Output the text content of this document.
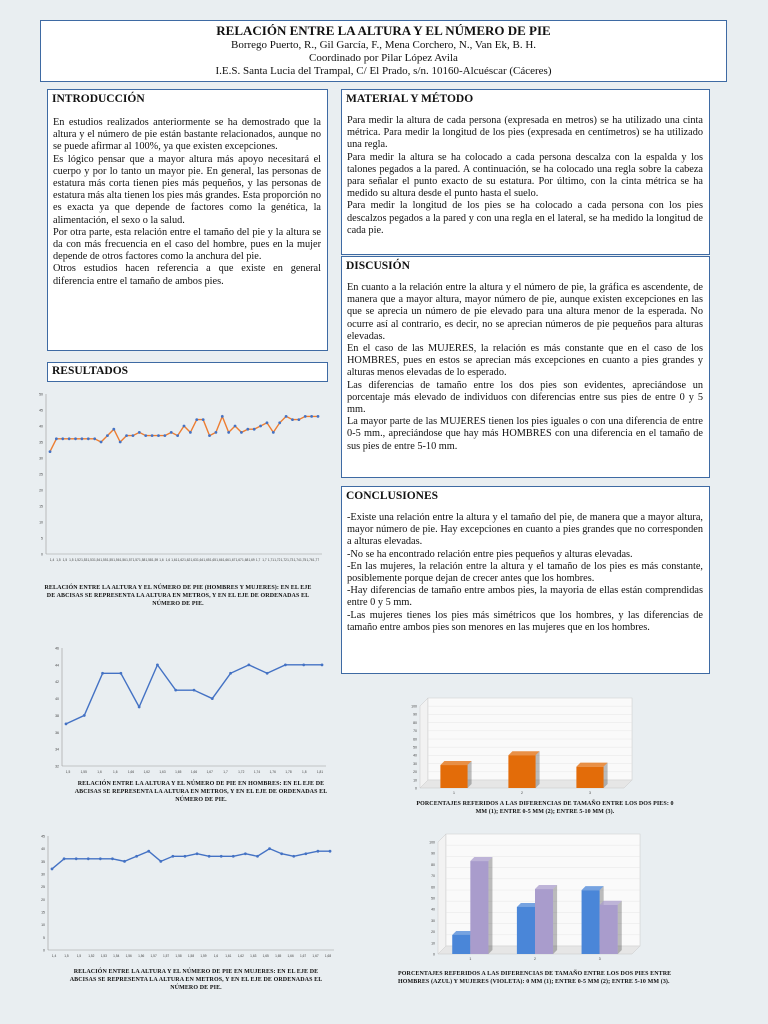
RELACIÓN ENTRE LA ALTURA Y EL NÚMERO DE PIE
Borrego Puerto, R., Gil García, F., Mena Corchero, N., Van Ek, B. H.
Coordinado por Pilar López Avila
I.E.S. Santa Lucia del Trampal, C/ El Prado, s/n. 10160-Alcuéscar (Cáceres)
INTRODUCCIÓN

En estudios realizados anteriormente se ha demostrado que la altura y el número de pie están bastante relacionados, aunque no se puede afirmar al 100%, ya que existen excepciones.

Es lógico pensar que a mayor altura más apoyo necesitará el cuerpo y por lo tanto un mayor pie. En general, las personas de estatura más corta tienen pies más pequeños, y las personas de estatura más alta tienen los pies más grandes. Esta proporción no es exacta ya que depende de factores como la genética, la alimentación, el sexo o la salud.

Por otra parte, esta relación entre el tamaño del pie y la altura se da con más frecuencia en el caso del hombre, pues en la mujer depende de otros factores como la anchura del pie.

Otros estudios hacen referencia a que existe en general diferencia entre el tamaño de ambos pies.

MATERIAL Y MÉTODO

Para medir la altura de cada persona (expresada en metros) se ha utilizado una cinta métrica. Para medir la longitud de los pies (expresada en centímetros) se ha utilizado una regla.

Para medir la altura se ha colocado a cada persona descalza con la espalda y los talones pegados a la pared. A continuación, se ha colocado una regla sobre la cabeza para señalar el punto exacto de su estatura. Por último, con la cinta métrica se ha medido su altura desde el punto hasta el suelo.

Para medir la longitud de los pies se ha colocado a cada persona con los pies descalzos pegados a la pared y con una regla en el lateral, se ha medido la longitud de cada pie.

DISCUSIÓN

En cuanto a la relación entre la altura y el número de pie, la gráfica es ascendente, de manera que a mayor altura, mayor número de pie, aunque existen excepciones en las que se aprecia un número de pie elevado para una altura menor de la esperada. No ocurre así al contrario, es decir, no se aprecian números de pie pequeños para alturas elevadas.

En el caso de las MUJERES, la relación es más constante que en el caso de los HOMBRES, pues en estos se aprecian más excepciones en cuanto a pies grandes y alturas menos elevadas de lo esperado.

Las diferencias de tamaño entre los dos pies son evidentes, apreciándose un porcentaje más elevado de individuos con diferencias entre sus pies de entre 0 y 5 mm.

La mayor parte de las MUJERES tienen los pies iguales o con una diferencia de entre 0-5 mm., apreciándose que hay más HOMBRES con una diferencia en el tamaño de sus pies de entre 5-10 mm.

RESULTADOS
CONCLUSIONES

-Existe una relación entre la altura y el tamaño del pie, de manera que a mayor altura, mayor número de pie. Hay excepciones en cuanto a pies grandes que no corresponden a alturas elevadas.

-No se ha encontrado relación entre pies pequeños y alturas elevadas.

-En las mujeres, la relación entre la altura y el tamaño de los pies es más constante, posiblemente porque dejan de crecer antes que los hombres.

-Hay diferencias de tamaño entre ambos pies, la mayoria de ellas están comprendidas entre 0 y 5 mm.

-Las mujeres tienes los pies más simétricos que los hombres, y las diferencias de tamaño entre ambos pies son menores en las mujeres que en los hombres.

0
5
10
15
20
25
30
35
40
45
50
1,4 1,5 1,5 1,5 1,52 1,53 1,53 1,54 1,55 1,55 1,56 1,56 1,57 1,57 1,58 1,58 1,59 1,6 1,6 1,61 1,62 1,62 1,63 1,64 1,65 1,65 1,66 1,66 1,67 1,67 1,68 1,69 1,7 1,7 1,71 1,72 1,72 1,73 1,74 1,75 1,76 1,77
RELACIÓN ENTRE LA ALTURA Y EL NÚMERO DE PIE (HOMBRES Y MUJERES): EN EL EJE DE ABCISAS SE REPRESENTA LA ALTURA EN METROS, Y EN EL EJE DE ORDENADAS EL NÚMERO DE PIE.
32
34
36
38
40
42
44
46
1,5	1,55	1,6	1,6	1,66	1,62	1,63	1,65	1,66	1,67	1,7	1,72	1,74	1,76	1,78	1,8	1,81
RELACIÓN ENTRE LA ALTURA Y EL NÚMERO DE PIE EN HOMBRES: EN EL EJE DE ABCISAS SE REPRESENTA LA ALTURA EN METROS, Y EN EL EJE DE ORDENADAS EL NÚMERO DE PIE.
0
5
10
15
20
25
30
35
40
45
1,4	1,5	1,5 1,52 1,53 1,54 1,56 1,56 1,57 1,57 1,58 1,58 1,59 1,6 1,61 1,62 1,63 1,65 1,65 1,66 1,67 1,67 1,68
RELACIÓN ENTRE LA ALTURA Y EL NÚMERO DE PIE EN MUJERES: EN EL EJE DE ABCISAS SE REPRESENTA LA ALTURA EN METROS, Y EN EL EJE DE ORDENADAS EL NÚMERO DE PIE.
0
10
20
30
40
50
60
70
80
90
100
1	2	3
PORCENTAJES REFERIDOS A LAS DIFERENCIAS DE TAMAÑO ENTRE LOS DOS PIES: 0 MM (1); ENTRE 0-5 MM (2); ENTRE 5-10 MM (3).
0
10
20
30
40
50
60
70
80
90
100
1	2	3
PORCENTAJES REFERIDOS A LAS DIFERENCIAS DE TAMAÑO ENTRE LOS DOS PIES ENTRE HOMBRES (AZUL) Y MUJERES (VIOLETA): 0 MM (1); ENTRE 0-5 MM (2); ENTRE 5-10 MM (3).
